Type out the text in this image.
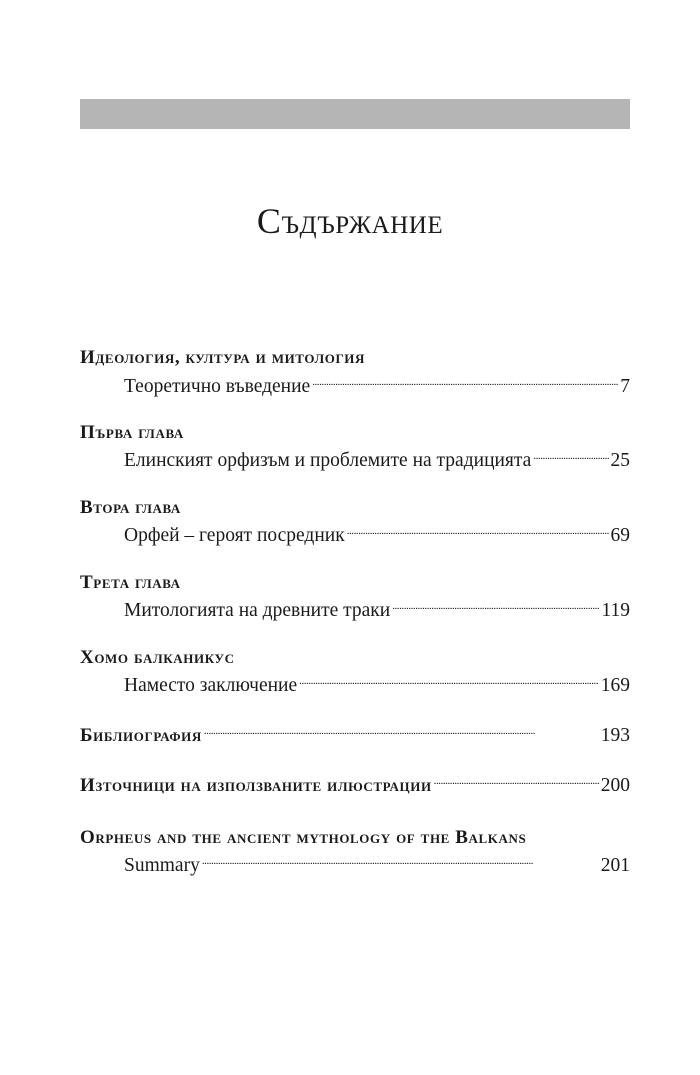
Съдържание
Идеология, култура и митология
Теоретично въведение . . .	7
Първа глава
Елинският орфизъм и проблемите на традицията . . .	25
Втора глава
Орфей – героят посредник . . .	69
Трета глава
Митологията на древните траки . . .	119
Хомо балканикус
Наместо заключение . . .	169
Библиография . . .	193
Източници на използваните илюстрации . . .	200
Orpheus and the ancient mythology of the Balkans
Summary . . .	201
